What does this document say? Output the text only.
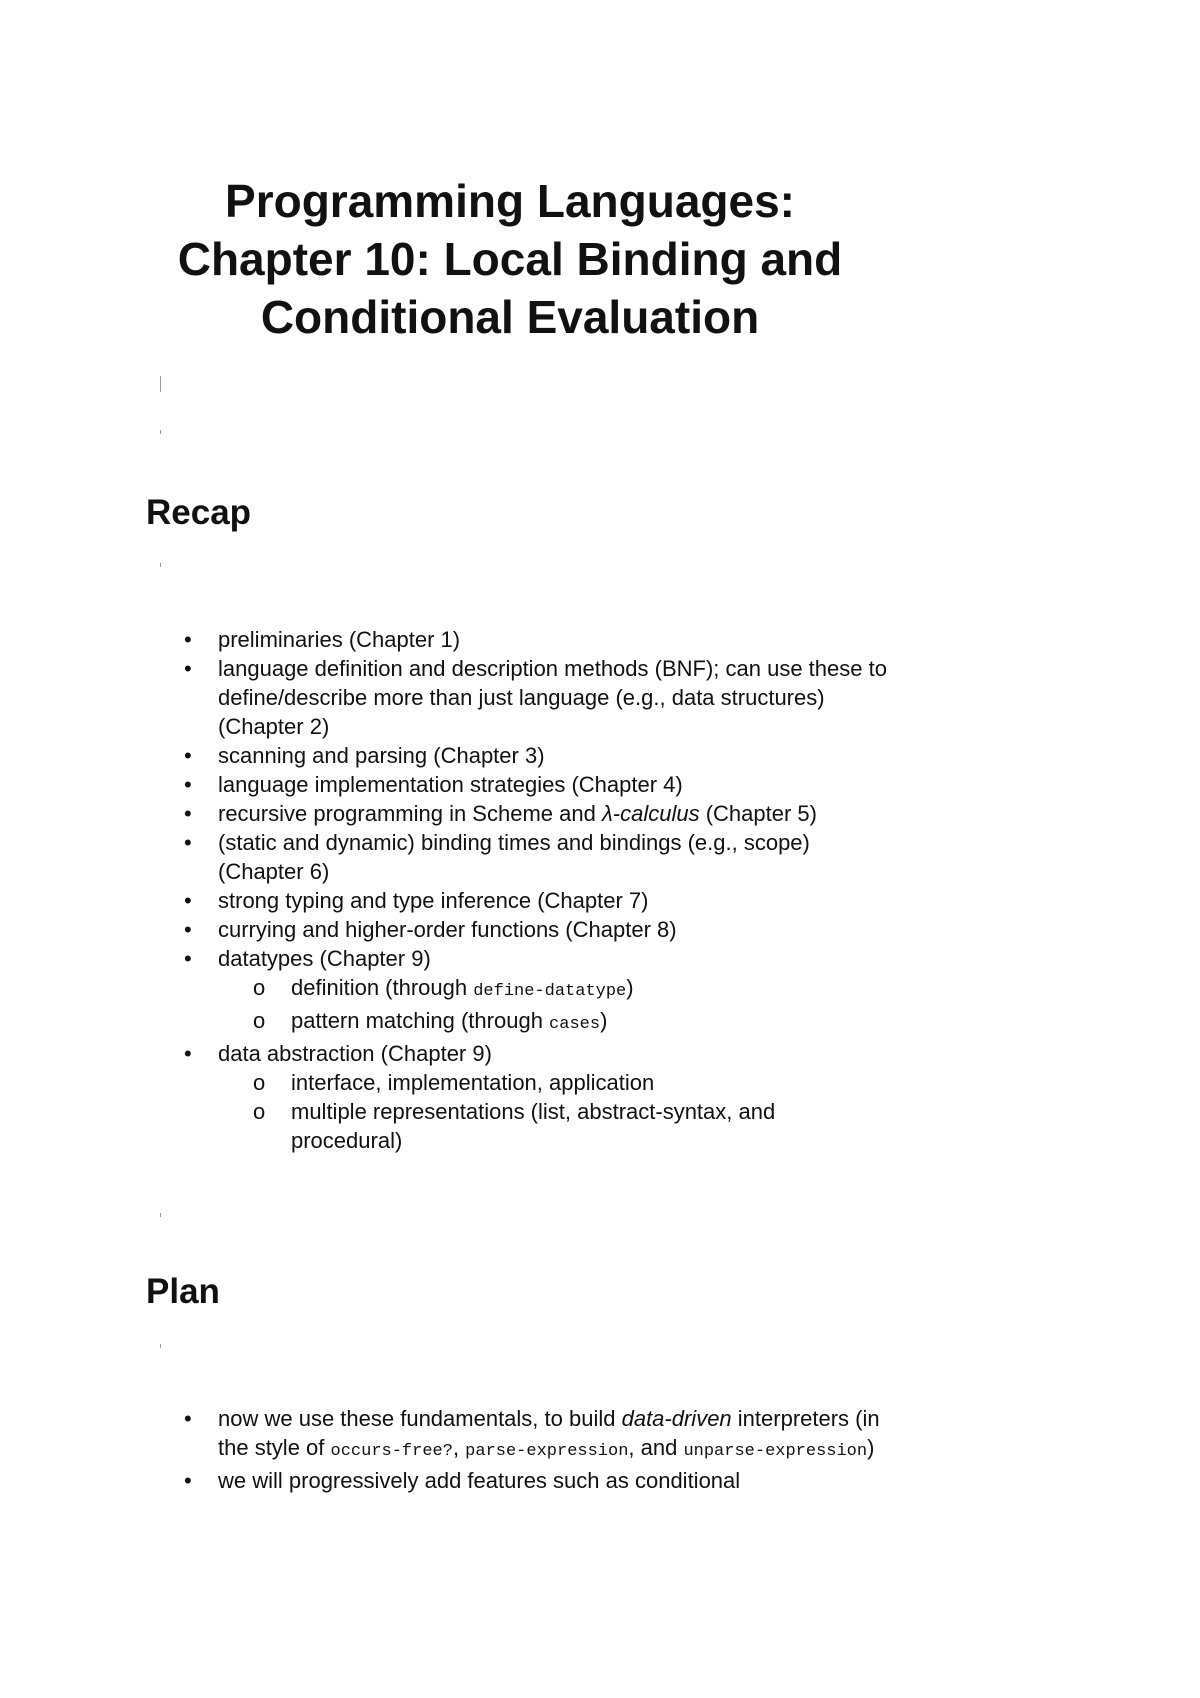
Programming Languages:
Chapter 10: Local Binding and
Conditional Evaluation
Recap
• preliminaries (Chapter 1)
• language definition and description methods (BNF); can use these to define/describe more than just language (e.g., data structures) (Chapter 2)
• scanning and parsing (Chapter 3)
• language implementation strategies (Chapter 4)
• recursive programming in Scheme and λ-calculus (Chapter 5)
• (static and dynamic) binding times and bindings (e.g., scope) (Chapter 6)
• strong typing and type inference (Chapter 7)
• currying and higher-order functions (Chapter 8)
• datatypes (Chapter 9)
o definition (through define-datatype)
o pattern matching (through cases)
• data abstraction (Chapter 9)
o interface, implementation, application
o multiple representations (list, abstract-syntax, and procedural)
Plan
• now we use these fundamentals, to build data-driven interpreters (in the style of occurs-free?, parse-expression, and unparse-expression)
• we will progressively add features such as conditional
